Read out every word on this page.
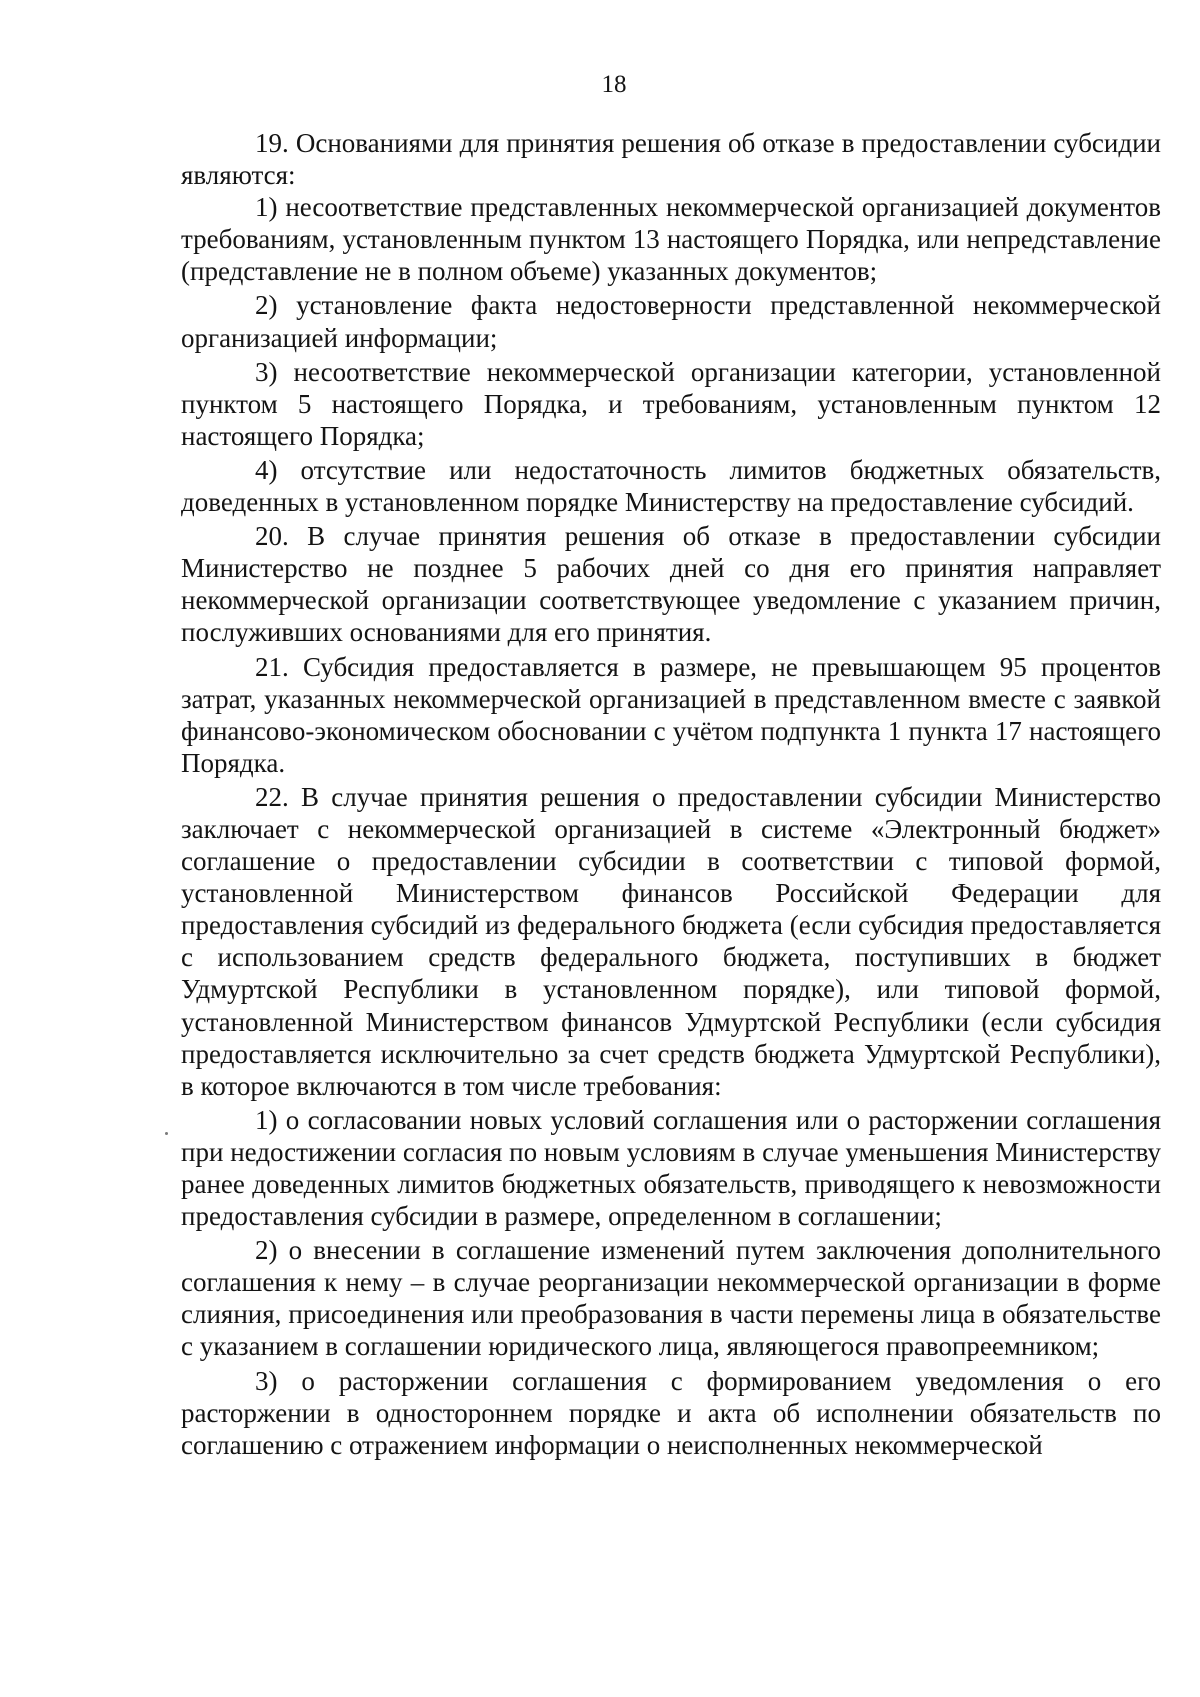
18

19. Основаниями для принятия решения об отказе в предоставлении субсидии являются:

1) несоответствие представленных некоммерческой организацией документов требованиям, установленным пунктом 13 настоящего Порядка, или непредставление (представление не в полном объеме) указанных документов;

2) установление факта недостоверности представленной некоммерческой организацией информации;

3) несоответствие некоммерческой организации категории, установленной пунктом 5 настоящего Порядка, и требованиям, установленным пунктом 12 настоящего Порядка;

4) отсутствие или недостаточность лимитов бюджетных обязательств, доведенных в установленном порядке Министерству на предоставление субсидий.

20. В случае принятия решения об отказе в предоставлении субсидии Министерство не позднее 5 рабочих дней со дня его принятия направляет некоммерческой организации соответствующее уведомление с указанием причин, послуживших основаниями для его принятия.

21. Субсидия предоставляется в размере, не превышающем 95 процентов затрат, указанных некоммерческой организацией в представленном вместе с заявкой финансово-экономическом обосновании с учётом подпункта 1 пункта 17 настоящего Порядка.

22. В случае принятия решения о предоставлении субсидии Министерство заключает с некоммерческой организацией в системе «Электронный бюджет» соглашение о предоставлении субсидии в соответствии с типовой формой, установленной Министерством финансов Российской Федерации для предоставления субсидий из федерального бюджета (если субсидия предоставляется с использованием средств федерального бюджета, поступивших в бюджет Удмуртской Республики в установленном порядке), или типовой формой, установленной Министерством финансов Удмуртской Республики (если субсидия предоставляется исключительно за счет средств бюджета Удмуртской Республики), в которое включаются в том числе требования:

1) о согласовании новых условий соглашения или о расторжении соглашения при недостижении согласия по новым условиям в случае уменьшения Министерству ранее доведенных лимитов бюджетных обязательств, приводящего к невозможности предоставления субсидии в размере, определенном в соглашении;

2) о внесении в соглашение изменений путем заключения дополнительного соглашения к нему – в случае реорганизации некоммерческой организации в форме слияния, присоединения или преобразования в части перемены лица в обязательстве с указанием в соглашении юридического лица, являющегося правопреемником;

3) о расторжении соглашения с формированием уведомления о его расторжении в одностороннем порядке и акта об исполнении обязательств по соглашению с отражением информации о неисполненных некоммерческой
